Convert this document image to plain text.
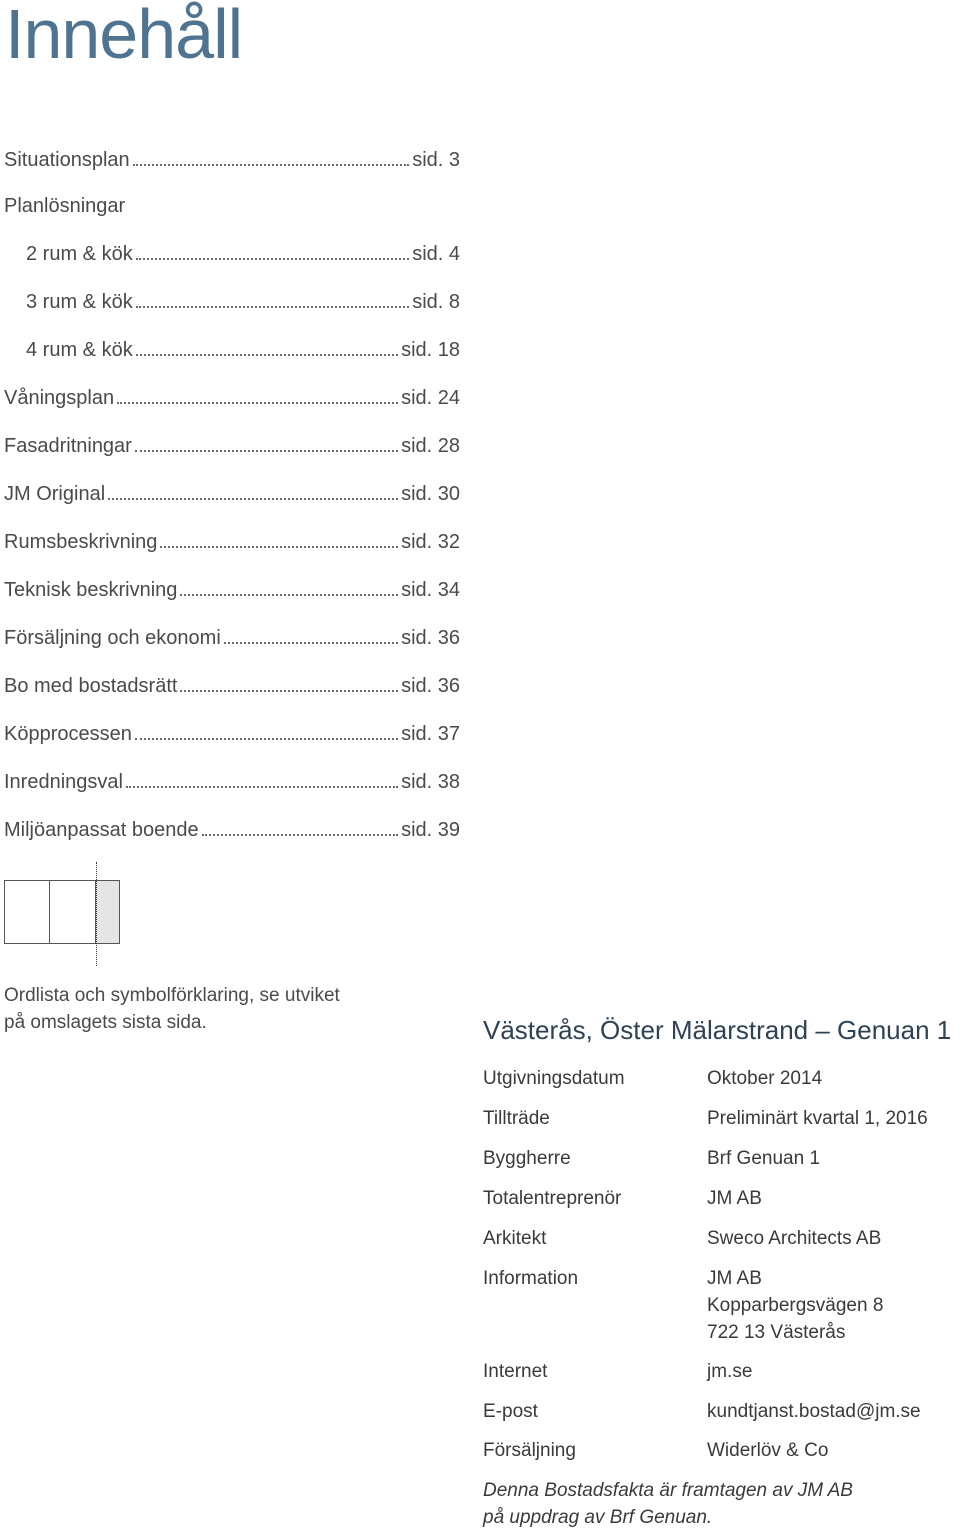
Innehåll
Situationsplan	sid. 3
Planlösningar
2 rum & kök	sid. 4
3 rum & kök	sid. 8
4 rum & kök	sid. 18
Våningsplan	sid. 24
Fasadritningar	sid. 28
JM Original	sid. 30
Rumsbeskrivning	sid. 32
Teknisk beskrivning	sid. 34
Försäljning och ekonomi	sid. 36
Bo med bostadsrätt	sid. 36
Köpprocessen	sid. 37
Inredningsval	sid. 38
Miljöanpassat boende	sid. 39
Ordlista och symbolförklaring, se utviket
på omslagets sista sida.	Västerås, Öster Mälarstrand – Genuan 1
Utgivningsdatum	Oktober 2014
Tillträde	Preliminärt kvartal 1, 2016
Byggherre	Brf Genuan 1
Totalentreprenör	JM AB
Arkitekt	Sweco Architects AB
Information	JM AB
Kopparbergsvägen 8
722 13 Västerås
Internet	jm.se
E-post	kundtjanst.bostad@jm.se
Försäljning	Widerlöv & Co
Denna Bostadsfakta är framtagen av JM AB
på uppdrag av Brf Genuan.
